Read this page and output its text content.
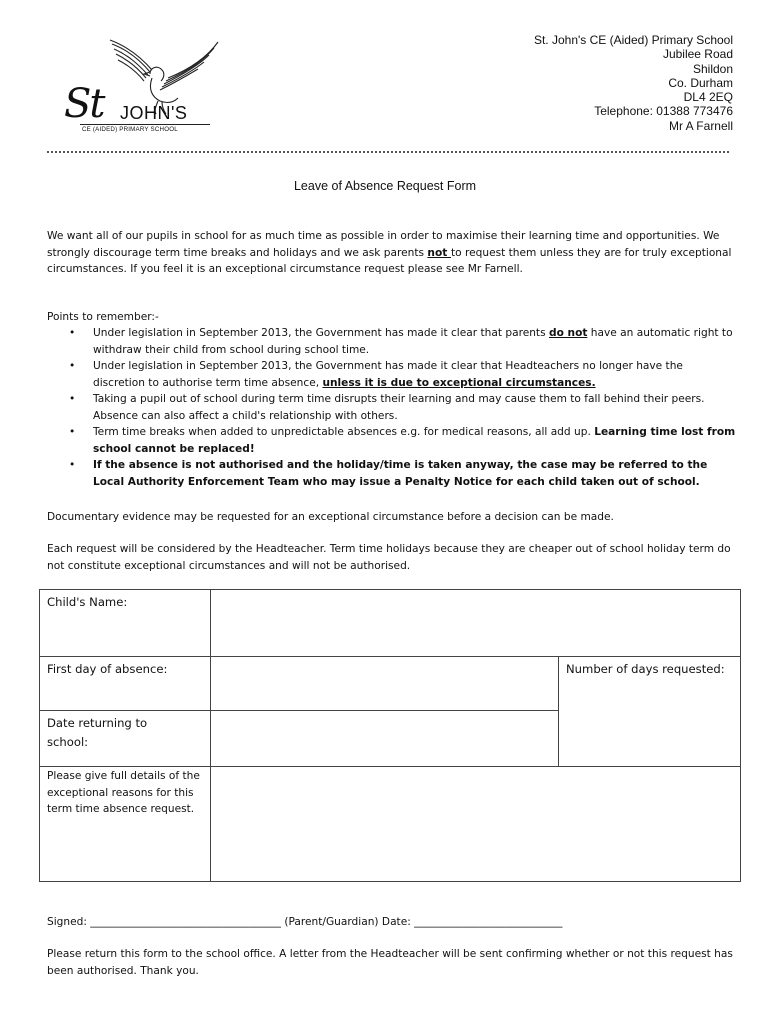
St JOHN'S
CE (AIDED) PRIMARY SCHOOL
St. John's CE (Aided) Primary School
Jubilee Road
Shildon
Co. Durham
DL4 2EQ
Telephone: 01388 773476
Mr A Farnell
Leave of Absence Request Form
We want all of our pupils in school for as much time as possible in order to maximise their learning time and opportunities. We strongly discourage term time breaks and holidays and we ask parents not to request them unless they are for truly exceptional circumstances. If you feel it is an exceptional circumstance request please see Mr Farnell.
Points to remember:-
• Under legislation in September 2013, the Government has made it clear that parents do not have an automatic right to withdraw their child from school during school time.
• Under legislation in September 2013, the Government has made it clear that Headteachers no longer have the discretion to authorise term time absence, unless it is due to exceptional circumstances.
• Taking a pupil out of school during term time disrupts their learning and may cause them to fall behind their peers. Absence can also affect a child's relationship with others.
• Term time breaks when added to unpredictable absences e.g. for medical reasons, all add up. Learning time lost from school cannot be replaced!
• If the absence is not authorised and the holiday/time is taken anyway, the case may be referred to the Local Authority Enforcement Team who may issue a Penalty Notice for each child taken out of school.
Documentary evidence may be requested for an exceptional circumstance before a decision can be made.
Each request will be considered by the Headteacher. Term time holidays because they are cheaper out of school holiday term do not constitute exceptional circumstances and will not be authorised.
Child's Name:
First day of absence:	Number of days requested:
Date returning to school:
Please give full details of the exceptional reasons for this term time absence request.
Signed: ____________________________________ (Parent/Guardian) Date: ____________________________
Please return this form to the school office. A letter from the Headteacher will be sent confirming whether or not this request has been authorised. Thank you.
